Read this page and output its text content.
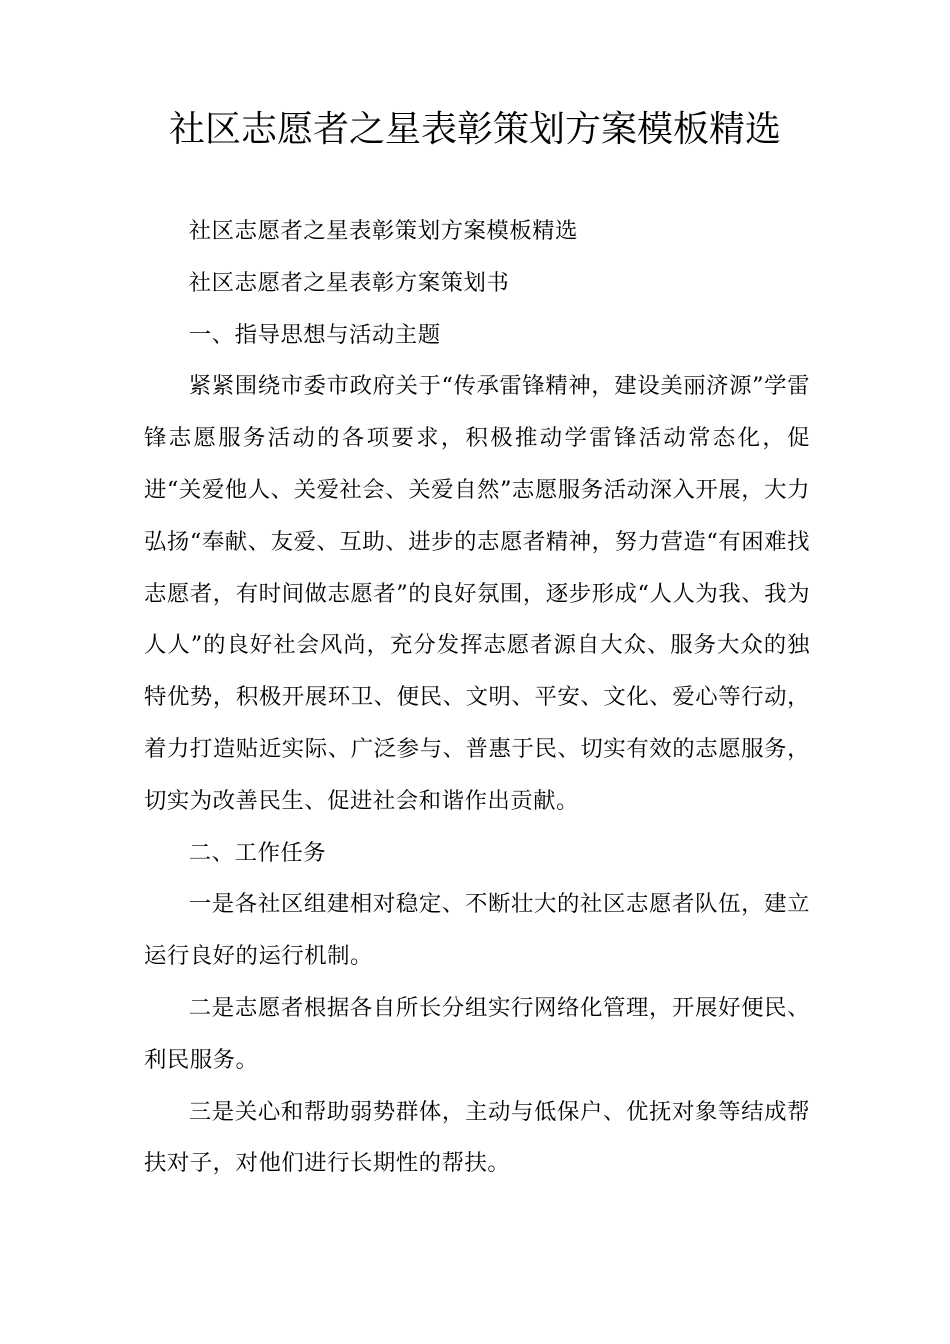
社区志愿者之星表彰策划方案模板精选

社区志愿者之星表彰策划方案模板精选

社区志愿者之星表彰方案策划书

一、指导思想与活动主题

紧紧围绕市委市政府关于“传承雷锋精神，建设美丽济源”学雷锋志愿服务活动的各项要求，积极推动学雷锋活动常态化，促进“关爱他人、关爱社会、关爱自然”志愿服务活动深入开展，大力弘扬“奉献、友爱、互助、进步的志愿者精神，努力营造“有困难找志愿者，有时间做志愿者”的良好氛围，逐步形成“人人为我、我为人人”的良好社会风尚，充分发挥志愿者源自大众、服务大众的独特优势，积极开展环卫、便民、文明、平安、文化、爱心等行动，着力打造贴近实际、广泛参与、普惠于民、切实有效的志愿服务，切实为改善民生、促进社会和谐作出贡献。

二、工作任务

一是各社区组建相对稳定、不断壮大的社区志愿者队伍，建立运行良好的运行机制。

二是志愿者根据各自所长分组实行网络化管理，开展好便民、利民服务。

三是关心和帮助弱势群体，主动与低保户、优抚对象等结成帮扶对子，对他们进行长期性的帮扶。
